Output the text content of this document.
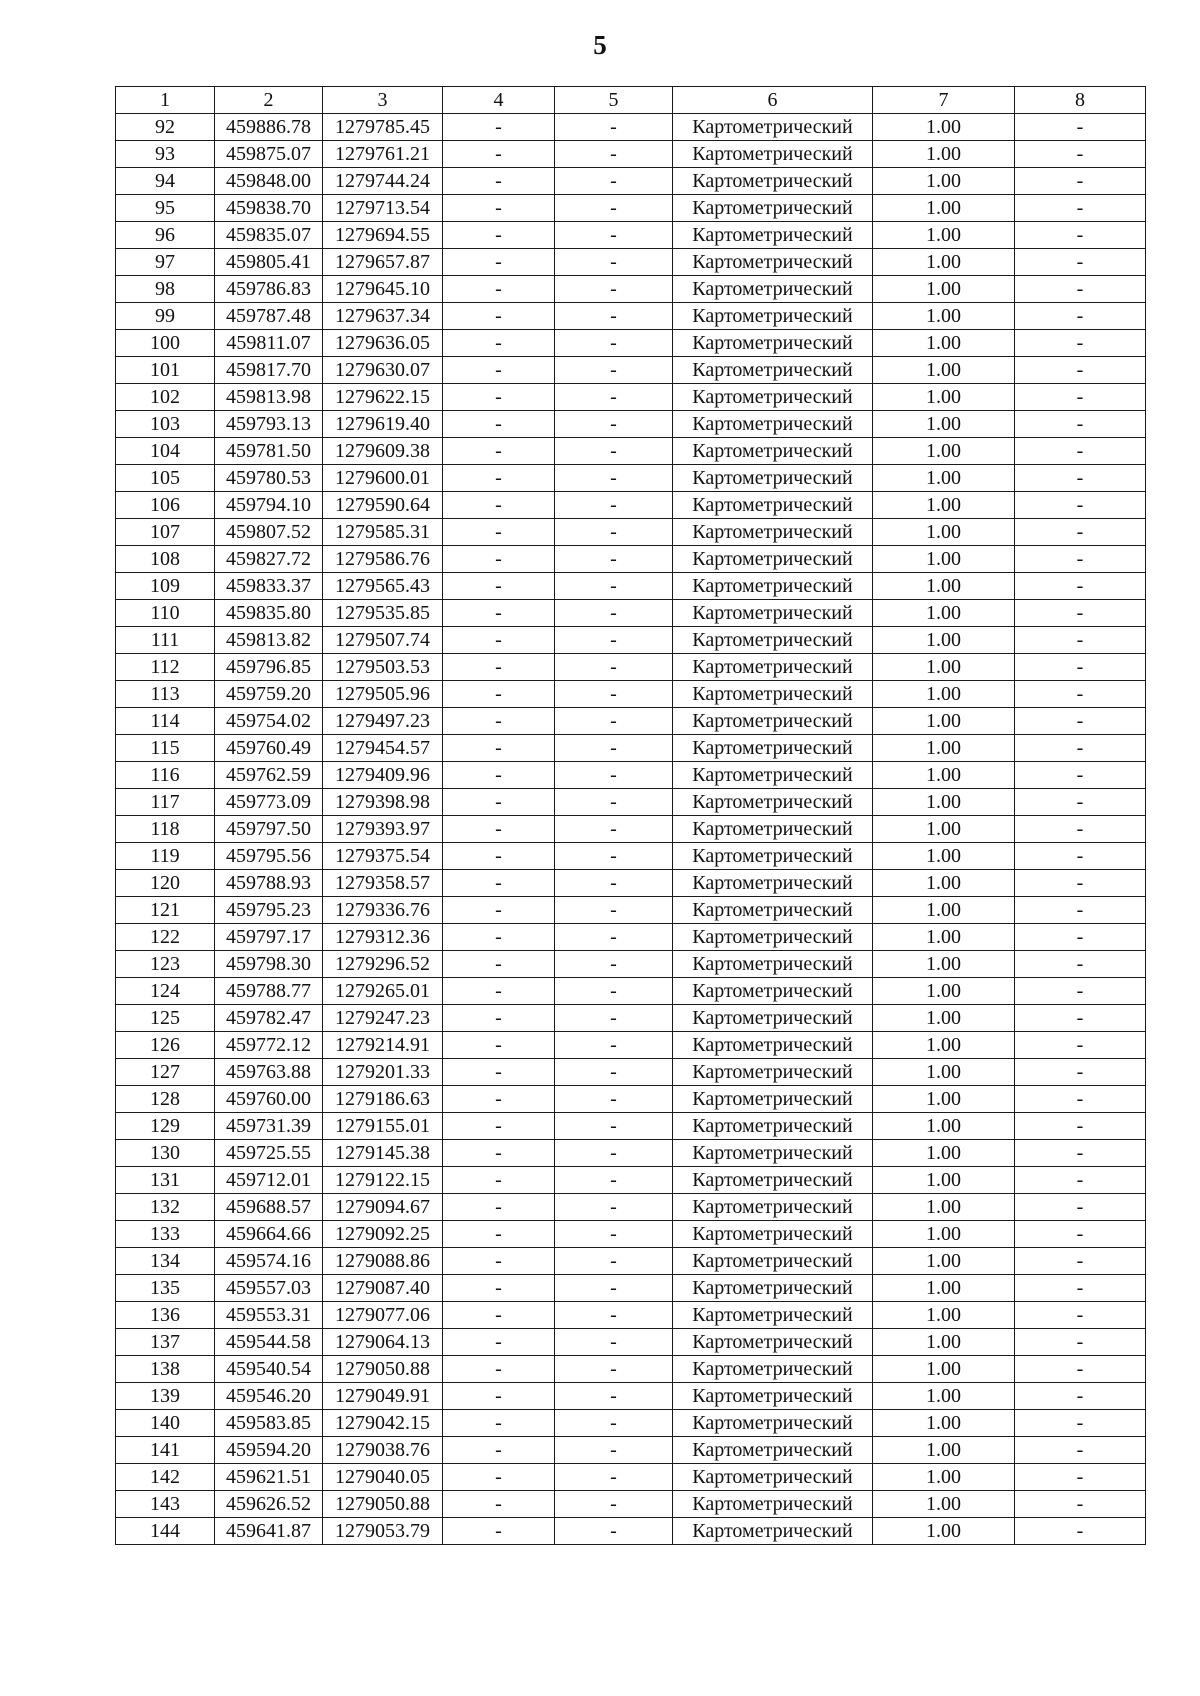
5
1	2	3	4	5	6	7	8
92	459886.78	1279785.45	-	-	Картометрический	1.00	-
93	459875.07	1279761.21	-	-	Картометрический	1.00	-
94	459848.00	1279744.24	-	-	Картометрический	1.00	-
95	459838.70	1279713.54	-	-	Картометрический	1.00	-
96	459835.07	1279694.55	-	-	Картометрический	1.00	-
97	459805.41	1279657.87	-	-	Картометрический	1.00	-
98	459786.83	1279645.10	-	-	Картометрический	1.00	-
99	459787.48	1279637.34	-	-	Картометрический	1.00	-
100	459811.07	1279636.05	-	-	Картометрический	1.00	-
101	459817.70	1279630.07	-	-	Картометрический	1.00	-
102	459813.98	1279622.15	-	-	Картометрический	1.00	-
103	459793.13	1279619.40	-	-	Картометрический	1.00	-
104	459781.50	1279609.38	-	-	Картометрический	1.00	-
105	459780.53	1279600.01	-	-	Картометрический	1.00	-
106	459794.10	1279590.64	-	-	Картометрический	1.00	-
107	459807.52	1279585.31	-	-	Картометрический	1.00	-
108	459827.72	1279586.76	-	-	Картометрический	1.00	-
109	459833.37	1279565.43	-	-	Картометрический	1.00	-
110	459835.80	1279535.85	-	-	Картометрический	1.00	-
111	459813.82	1279507.74	-	-	Картометрический	1.00	-
112	459796.85	1279503.53	-	-	Картометрический	1.00	-
113	459759.20	1279505.96	-	-	Картометрический	1.00	-
114	459754.02	1279497.23	-	-	Картометрический	1.00	-
115	459760.49	1279454.57	-	-	Картометрический	1.00	-
116	459762.59	1279409.96	-	-	Картометрический	1.00	-
117	459773.09	1279398.98	-	-	Картометрический	1.00	-
118	459797.50	1279393.97	-	-	Картометрический	1.00	-
119	459795.56	1279375.54	-	-	Картометрический	1.00	-
120	459788.93	1279358.57	-	-	Картометрический	1.00	-
121	459795.23	1279336.76	-	-	Картометрический	1.00	-
122	459797.17	1279312.36	-	-	Картометрический	1.00	-
123	459798.30	1279296.52	-	-	Картометрический	1.00	-
124	459788.77	1279265.01	-	-	Картометрический	1.00	-
125	459782.47	1279247.23	-	-	Картометрический	1.00	-
126	459772.12	1279214.91	-	-	Картометрический	1.00	-
127	459763.88	1279201.33	-	-	Картометрический	1.00	-
128	459760.00	1279186.63	-	-	Картометрический	1.00	-
129	459731.39	1279155.01	-	-	Картометрический	1.00	-
130	459725.55	1279145.38	-	-	Картометрический	1.00	-
131	459712.01	1279122.15	-	-	Картометрический	1.00	-
132	459688.57	1279094.67	-	-	Картометрический	1.00	-
133	459664.66	1279092.25	-	-	Картометрический	1.00	-
134	459574.16	1279088.86	-	-	Картометрический	1.00	-
135	459557.03	1279087.40	-	-	Картометрический	1.00	-
136	459553.31	1279077.06	-	-	Картометрический	1.00	-
137	459544.58	1279064.13	-	-	Картометрический	1.00	-
138	459540.54	1279050.88	-	-	Картометрический	1.00	-
139	459546.20	1279049.91	-	-	Картометрический	1.00	-
140	459583.85	1279042.15	-	-	Картометрический	1.00	-
141	459594.20	1279038.76	-	-	Картометрический	1.00	-
142	459621.51	1279040.05	-	-	Картометрический	1.00	-
143	459626.52	1279050.88	-	-	Картометрический	1.00	-
144	459641.87	1279053.79	-	-	Картометрический	1.00	-
